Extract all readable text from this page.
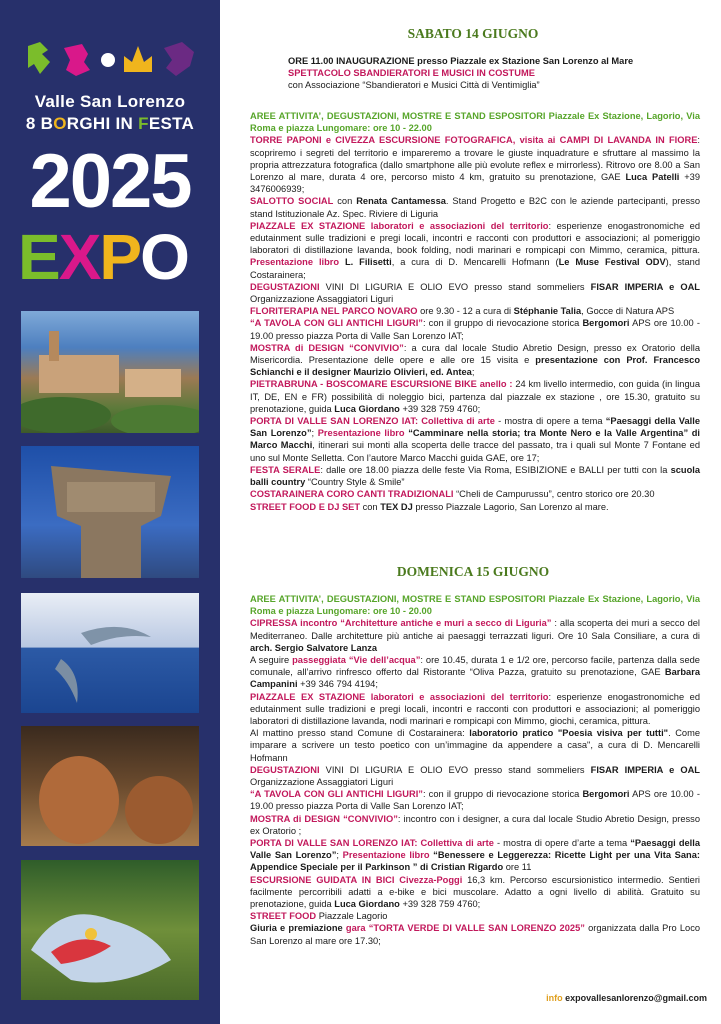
Valle San Lorenzo
8 BORGHI IN FESTA
2025
EXPO
SABATO 14 GIUGNO
ORE 11.00 INAUGURAZIONE presso Piazzale ex Stazione San Lorenzo al Mare
SPETTACOLO SBANDIERATORI E MUSICI IN COSTUME
con Associazione “Sbandieratori e Musici Città di Ventimiglia”
AREE ATTIVITA’, DEGUSTAZIONI, MOSTRE E STAND ESPOSITORI Piazzale Ex Stazione, Lagorio, Via Roma e piazza Lungomare: ore 10 - 22.00
TORRE PAPONI e CIVEZZA ESCURSIONE FOTOGRAFICA, visita ai CAMPI DI LAVANDA IN FIORE: scopriremo i segreti del territorio e impareremo a trovare le giuste inquadrature e sfruttare al massimo la propria attrezzatura fotografica (dallo smartphone alle più evolute reflex e mirrorless). Ritrovo ore 8.00 a San Lorenzo al mare, durata 4 ore, percorso misto 4 km, gratuito su prenotazione, GAE Luca Patelli +39 3476006939;
SALOTTO SOCIAL con Renata Cantamessa. Stand Progetto e B2C con le aziende partecipanti, presso stand Istituzionale Az. Spec. Riviere di Liguria
PIAZZALE EX STAZIONE laboratori e associazioni del territorio: esperienze enogastronomiche ed edutainment sulle tradizioni e pregi locali, incontri e racconti con produttori e associazioni; al pomeriggio laboratori di distillazione lavanda, book folding, nodi marinari e rompicapi con Mimmo, ceramica, pittura. Presentazione libro L. Filisetti, a cura di D. Mencarelli Hofmann (Le Muse Festival ODV), stand Costarainera;
DEGUSTAZIONI VINI DI LIGURIA E OLIO EVO presso stand sommeliers FISAR IMPERIA e OAL Organizzazione Assaggiatori Liguri
FLORITERAPIA NEL PARCO NOVARO ore 9.30 - 12 a cura di Stéphanie Talia, Gocce di Natura APS
“A TAVOLA CON GLI ANTICHI LIGURI”: con il gruppo di rievocazione storica Bergomori APS ore 10.00 - 19.00 presso piazza Porta di Valle San Lorenzo IAT;
MOSTRA di DESIGN “CONVIVIO”: a cura dal locale Studio Abretio Design, presso ex Oratorio della Misericordia. Presentazione delle opere e alle ore 15 visita e presentazione con Prof. Francesco Schianchi e il designer Maurizio Olivieri, ed. Antea;
PIETRABRUNA - BOSCOMARE ESCURSIONE BIKE anello : 24 km livello intermedio, con guida (in lingua IT, DE, EN e FR) possibilità di noleggio bici, partenza dal piazzale ex stazione , ore 15.30, gratuito su prenotazione, guida Luca Giordano +39 328 759 4760;
PORTA DI VALLE SAN LORENZO IAT: Collettiva di arte - mostra di opere a tema “Paesaggi della Valle San Lorenzo”; Presentazione libro “Camminare nella storia; tra Monte Nero e la Valle Argentina” di Marco Macchi, itinerari sui monti alla scoperta delle tracce del passato, tra i quali sul Monte 7 Fontane ed uno sul Monte Selletta. Con l’autore Marco Macchi guida GAE, ore 17;
FESTA SERALE: dalle ore 18.00 piazza delle feste Via Roma, ESIBIZIONE e BALLI per tutti con la scuola balli country “Country Style & Smile”
COSTARAINERA CORO CANTI TRADIZIONALI “Cheli de Campurussu”, centro storico ore 20.30
STREET FOOD E DJ SET con TEX DJ presso Piazzale Lagorio, San Lorenzo al mare.
DOMENICA 15 GIUGNO
AREE ATTIVITA’, DEGUSTAZIONI, MOSTRE E STAND ESPOSITORI Piazzale Ex Stazione, Lagorio, Via Roma e piazza Lungomare: ore 10 - 20.00
CIPRESSA incontro “Architetture antiche e muri a secco di Liguria” : alla scoperta dei muri a secco del Mediterraneo. Dalle architetture più antiche ai paesaggi terrazzati liguri. Ore 10 Sala Consiliare, a cura di arch. Sergio Salvatore Lanza
A seguire passeggiata “Vie dell’acqua”: ore 10.45, durata 1 e 1/2 ore, percorso facile, partenza dalla sede comunale, all’arrivo rinfresco offerto dal Ristorante “Oliva Pazza, gratuito su prenotazione, GAE Barbara Campanini +39 346 794 4194;
PIAZZALE EX STAZIONE laboratori e associazioni del territorio: esperienze enogastronomiche ed edutainment sulle tradizioni e pregi locali, incontri e racconti con produttori e associazioni; al pomeriggio laboratori di distillazione lavanda, nodi marinari e rompicapi con Mimmo, giochi, ceramica, pittura.
Al mattino presso stand Comune di Costarainera: laboratorio pratico "Poesia visiva per tutti". Come imparare a scrivere un testo poetico con un’immagine da appendere a casa", a cura di D. Mencarelli Hofmann
DEGUSTAZIONI VINI DI LIGURIA E OLIO EVO presso stand sommeliers FISAR IMPERIA e OAL Organizzazione Assaggiatori Liguri
“A TAVOLA CON GLI ANTICHI LIGURI”: con il gruppo di rievocazione storica Bergomori APS ore 10.00 - 19.00 presso piazza Porta di Valle San Lorenzo IAT;
MOSTRA di DESIGN “CONVIVIO”: incontro con i designer, a cura dal locale Studio Abretio Design, presso ex Oratorio ;
PORTA DI VALLE SAN LORENZO IAT: Collettiva di arte - mostra di opere d’arte a tema “Paesaggi della Valle San Lorenzo”; Presentazione libro “Benessere e Leggerezza: Ricette Light per una Vita Sana: Appendice Speciale per il Parkinson ” di Cristian Rigardo ore 11
ESCURSIONE GUIDATA IN BICI Civezza-Poggi 16,3 km. Percorso escursionistico intermedio. Sentieri facilmente percorribili adatti a e-bike e bici muscolare. Adatto a ogni livello di abilità. Gratuito su prenotazione, guida Luca Giordano +39 328 759 4760;
STREET FOOD Piazzale Lagorio
Giuria e premiazione gara “TORTA VERDE DI VALLE SAN LORENZO 2025” organizzata dalla Pro Loco San Lorenzo al mare ore 17.30;
info expovallesanlorenzo@gmail.com
